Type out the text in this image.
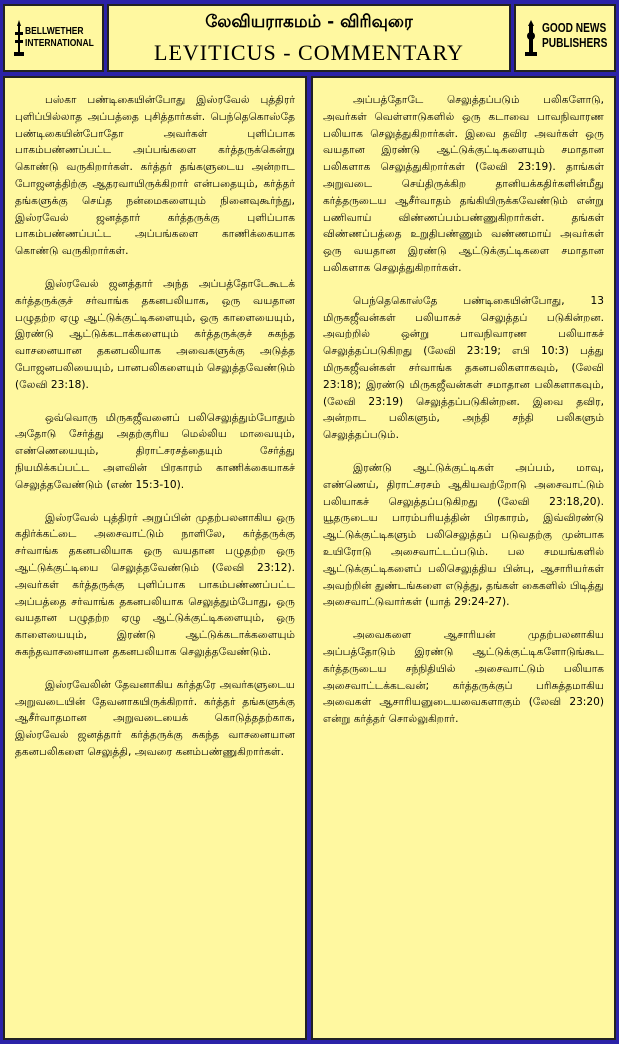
BELLWETHER
INTERNATIONAL
லேவியராகமம் - விரிவுரை
LEVITICUS - COMMENTARY
GOOD NEWS
PUBLISHERS

பஸ்கா பண்டிகையின்போது இஸ்ரவேல் புத்திரர் புளிப்பில்லாத அப்பத்தை புசித்தார்கள். பெந்தெகொஸ்தே பண்டிகையின்போதோ அவர்கள் புளிப்பாக பாகம்பண்ணப்பட்ட அப்பங்களை கர்த்தருக்கென்று கொண்டு வருகிறார்கள். கர்த்தர் தங்களுடைய அன்றாட போஜனத்திற்கு ஆதரவாயிருக்கிறார் என்பதையும், கர்த்தர் தங்களுக்கு செய்த நன்மைகளையும் நினைவுகூர்ந்து, இஸ்ரவேல் ஜனத்தார் கர்த்தருக்கு புளிப்பாக பாகம்பண்ணப்பட்ட அப்பங்களை காணிக்கையாக கொண்டு வருகிறார்கள்.

இஸ்ரவேல் ஜனத்தார் அந்த அப்பத்தோடேகூடக் கர்த்தருக்குச் சர்வாங்க தகனபலியாக, ஒரு வயதான பழுதற்ற ஏழு ஆட்டுக்குட்டிகளையும், ஒரு காளையையும், இரண்டு ஆட்டுக்கடாக்களையும் கர்த்தருக்குச் சுகந்த வாசனையான தகனபலியாக அவைகளுக்கு அடுத்த போஜனபலியையும், பானபலிகளையும் செலுத்தவேண்டும் (லேவி 23:18).

ஒவ்வொரு மிருகஜீவனைப் பலிசெலுத்தும்போதும் அதோடு சேர்த்து அதற்குரிய மெல்லிய மாவையும், எண்ணெயையும், திராட்சரசத்தையும் சேர்த்து நியமிக்கப்பட்ட அளவின் பிரகாரம் காணிக்கையாகச் செலுத்தவேண்டும் (எண் 15:3-10).

இஸ்ரவேல் புத்திரர் அறுப்பின் முதற்பலனாகிய ஒரு கதிர்க்கட்டை அசைவாட்டும் நாளிலே, கர்த்தருக்கு சர்வாங்க தகனபலியாக ஒரு வயதான பழுதற்ற ஒரு ஆட்டுக்குட்டியை செலுத்தவேண்டும் (லேவி 23:12). அவர்கள் கர்த்தருக்கு புளிப்பாக பாகம்பண்ணப்பட்ட அப்பத்தை சர்வாங்க தகனபலியாக செலுத்தும்போது, ஒரு வயதான பழுதற்ற ஏழு ஆட்டுக்குட்டிகளையும், ஒரு காளையையும், இரண்டு ஆட்டுக்கடாக்களையும் சுகந்தவாசனையான தகனபலியாக செலுத்தவேண்டும்.

இஸ்ரவேலின் தேவனாகிய கர்த்தரே அவர்களுடைய அறுவடையின் தேவனாகயிருக்கிறார். கர்த்தர் தங்களுக்கு ஆசீர்வாதமான அறுவடையைக் கொடுத்ததற்காக, இஸ்ரவேல் ஜனத்தார் கர்த்தருக்கு சுகந்த வாசனையான தகனபலிகளை செலுத்தி, அவரை கனம்பண்ணுகிறார்கள்.

அப்பத்தோடே செலுத்தப்படும் பலிகளோடு, அவர்கள் வெள்ளாடுகளில் ஒரு கடாவை பாவநிவாரண பலியாக செலுத்துகிறார்கள். இவை தவிர அவர்கள் ஒரு வயதான இரண்டு ஆட்டுக்குட்டிகளையும் சமாதான பலிகளாக செலுத்துகிறார்கள் (லேவி 23:19). தாங்கள் அறுவடை செய்திருக்கிற தானியக்கதிர்களின்மீது கர்த்தருடைய ஆசீர்வாதம் தங்கியிருக்கவேண்டும் என்று பணிவாய் விண்ணப்பம்பண்ணுகிறார்கள். தங்கள் விண்ணப்பத்தை உறுதிபண்ணும் வண்ணமாய் அவர்கள் ஒரு வயதான இரண்டு ஆட்டுக்குட்டிகளை சமாதான பலிகளாக செலுத்துகிறார்கள்.

பெந்தெகொஸ்தே பண்டிகையின்போது, 13 மிருகஜீவன்கள் பலியாகச் செலுத்தப் படுகின்றன. அவற்றில் ஒன்று பாவநிவாரண பலியாகச் செலுத்தப்படுகிறது (லேவி 23:19; எபி 10:3) பத்து மிருகஜீவன்கள் சர்வாங்க தகனபலிகளாகவும், (லேவி 23:18); இரண்டு மிருகஜீவன்கள் சமாதான பலிகளாகவும், (லேவி 23:19) செலுத்தப்படுகின்றன. இவை தவிர, அன்றாட பலிகளும், அந்தி சந்தி பலிகளும் செலுத்தப்படும்.

இரண்டு ஆட்டுக்குட்டிகள் அப்பம், மாவு, எண்ணெய், திராட்சரசம் ஆகியவற்றோடு அசைவாட்டும் பலியாகச் செலுத்தப்படுகிறது (லேவி 23:18,20). யூதருடைய பாரம்பரியத்தின் பிரகாரம், இவ்விரண்டு ஆட்டுக்குட்டிகளும் பலிசெலுத்தப் படுவதற்கு முன்பாக உயிரோடு அசைவாட்டப்படும். பல சமயங்களில் ஆட்டுக்குட்டிகளைப் பலிசெலுத்திய பின்பு, ஆசாரியர்கள் அவற்றின் துண்டங்களை எடுத்து, தங்கள் கைகளில் பிடித்து அசைவாட்டுவார்கள் (யாத் 29:24-27).

அவைகளை ஆசாரியன் முதற்பலனாகிய அப்பத்தோடும் இரண்டு ஆட்டுக்குட்டிகளோடுங்கூட கர்த்தருடைய சந்நிதியில் அசைவாட்டும் பலியாக அசைவாட்டக்கடவன்; கர்த்தருக்குப் பரிசுத்தமாகிய அவைகள் ஆசாரியனுடையவைகளாகும் (லேவி 23:20) என்று கர்த்தர் சொல்லுகிறார்.
